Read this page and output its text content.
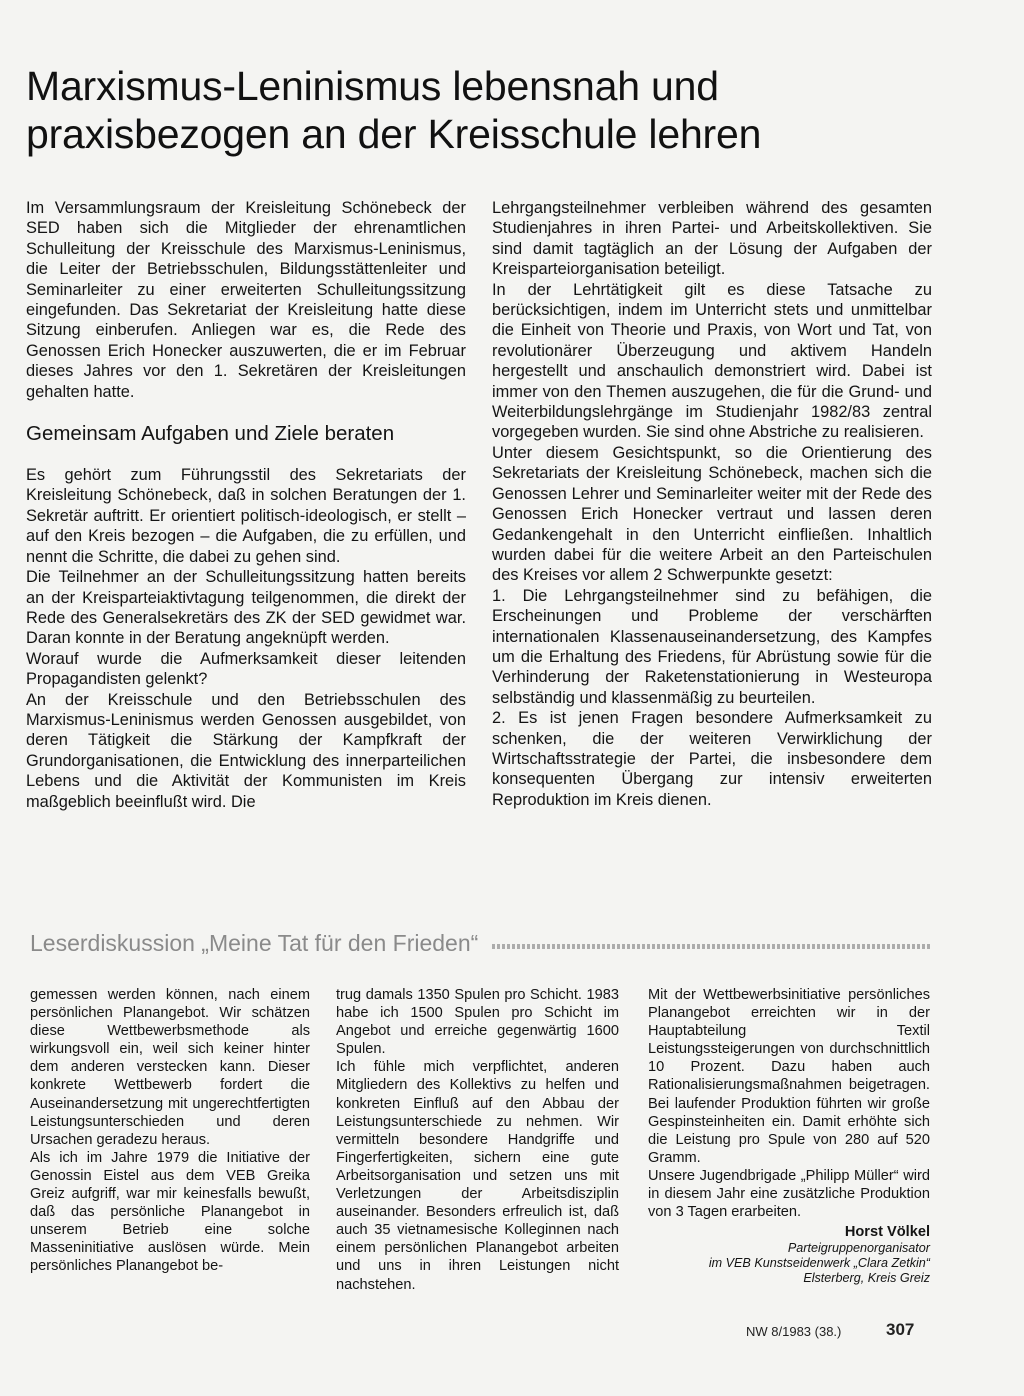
Marxismus-Leninismus lebensnah und praxisbezogen an der Kreisschule lehren

Im Versammlungsraum der Kreisleitung Schönebeck der SED haben sich die Mitglieder der ehrenamtlichen Schulleitung der Kreisschule des Marxismus-Leninismus, die Leiter der Betriebsschulen, Bildungsstättenleiter und Seminarleiter zu einer erweiterten Schulleitungssitzung eingefunden. Das Sekretariat der Kreisleitung hatte diese Sitzung einberufen. Anliegen war es, die Rede des Genossen Erich Honecker auszuwerten, die er im Februar dieses Jahres vor den 1. Sekretären der Kreisleitungen gehalten hatte.

Gemeinsam Aufgaben und Ziele beraten

Es gehört zum Führungsstil des Sekretariats der Kreisleitung Schönebeck, daß in solchen Beratungen der 1. Sekretär auftritt. Er orientiert politisch-ideologisch, er stellt – auf den Kreis bezogen – die Aufgaben, die zu erfüllen, und nennt die Schritte, die dabei zu gehen sind.

Die Teilnehmer an der Schulleitungssitzung hatten bereits an der Kreisparteiaktivtagung teilgenommen, die direkt der Rede des Generalsekretärs des ZK der SED gewidmet war. Daran konnte in der Beratung angeknüpft werden.

Worauf wurde die Aufmerksamkeit dieser leitenden Propagandisten gelenkt?

An der Kreisschule und den Betriebsschulen des Marxismus-Leninismus werden Genossen ausgebildet, von deren Tätigkeit die Stärkung der Kampfkraft der Grundorganisationen, die Entwicklung des innerparteilichen Lebens und die Aktivität der Kommunisten im Kreis maßgeblich beeinflußt wird. Die

Lehrgangsteilnehmer verbleiben während des gesamten Studienjahres in ihren Partei- und Arbeitskollektiven. Sie sind damit tagtäglich an der Lösung der Aufgaben der Kreisparteiorganisation beteiligt.

In der Lehrtätigkeit gilt es diese Tatsache zu berücksichtigen, indem im Unterricht stets und unmittelbar die Einheit von Theorie und Praxis, von Wort und Tat, von revolutionärer Überzeugung und aktivem Handeln hergestellt und anschaulich demonstriert wird. Dabei ist immer von den Themen auszugehen, die für die Grund- und Weiterbildungslehrgänge im Studienjahr 1982/83 zentral vorgegeben wurden. Sie sind ohne Abstriche zu realisieren.

Unter diesem Gesichtspunkt, so die Orientierung des Sekretariats der Kreisleitung Schönebeck, machen sich die Genossen Lehrer und Seminarleiter weiter mit der Rede des Genossen Erich Honecker vertraut und lassen deren Gedankengehalt in den Unterricht einfließen. Inhaltlich wurden dabei für die weitere Arbeit an den Parteischulen des Kreises vor allem 2 Schwerpunkte gesetzt:

1. Die Lehrgangsteilnehmer sind zu befähigen, die Erscheinungen und Probleme der verschärften internationalen Klassenauseinandersetzung, des Kampfes um die Erhaltung des Friedens, für Abrüstung sowie für die Verhinderung der Raketenstationierung in Westeuropa selbständig und klassenmäßig zu beurteilen.

2. Es ist jenen Fragen besondere Aufmerksamkeit zu schenken, die der weiteren Verwirklichung der Wirtschaftsstrategie der Partei, die insbesondere dem konsequenten Übergang zur intensiv erweiterten Reproduktion im Kreis dienen.

Leserdiskussion „Meine Tat für den Frieden“

gemessen werden können, nach einem persönlichen Planangebot. Wir schätzen diese Wettbewerbsmethode als wirkungsvoll ein, weil sich keiner hinter dem anderen verstecken kann. Dieser konkrete Wettbewerb fordert die Auseinandersetzung mit ungerechtfertigten Leistungsunterschieden und deren Ursachen geradezu heraus.

Als ich im Jahre 1979 die Initiative der Genossin Eistel aus dem VEB Greika Greiz aufgriff, war mir keinesfalls bewußt, daß das persönliche Planangebot in unserem Betrieb eine solche Masseninitiative auslösen würde. Mein persönliches Planangebot be-

trug damals 1350 Spulen pro Schicht. 1983 habe ich 1500 Spulen pro Schicht im Angebot und erreiche gegenwärtig 1600 Spulen.

Ich fühle mich verpflichtet, anderen Mitgliedern des Kollektivs zu helfen und konkreten Einfluß auf den Abbau der Leistungsunterschiede zu nehmen. Wir vermitteln besondere Handgriffe und Fingerfertigkeiten, sichern eine gute Arbeitsorganisation und setzen uns mit Verletzungen der Arbeitsdisziplin auseinander. Besonders erfreulich ist, daß auch 35 vietnamesische Kolleginnen nach einem persönlichen Planangebot arbeiten und uns in ihren Leistungen nicht nachstehen.

Mit der Wettbewerbsinitiative persönliches Planangebot erreichten wir in der Hauptabteilung Textil Leistungssteigerungen von durchschnittlich 10 Prozent. Dazu haben auch Rationalisierungsmaßnahmen beigetragen. Bei laufender Produktion führten wir große Gespinsteinheiten ein. Damit erhöhte sich die Leistung pro Spule von 280 auf 520 Gramm.

Unsere Jugendbrigade „Philipp Müller“ wird in diesem Jahr eine zusätzliche Produktion von 3 Tagen erarbeiten.

Horst Völkel
Parteigruppenorganisator
im VEB Kunstseidenwerk „Clara Zetkin“
Elsterberg, Kreis Greiz
NW 8/1983 (38.)	307
